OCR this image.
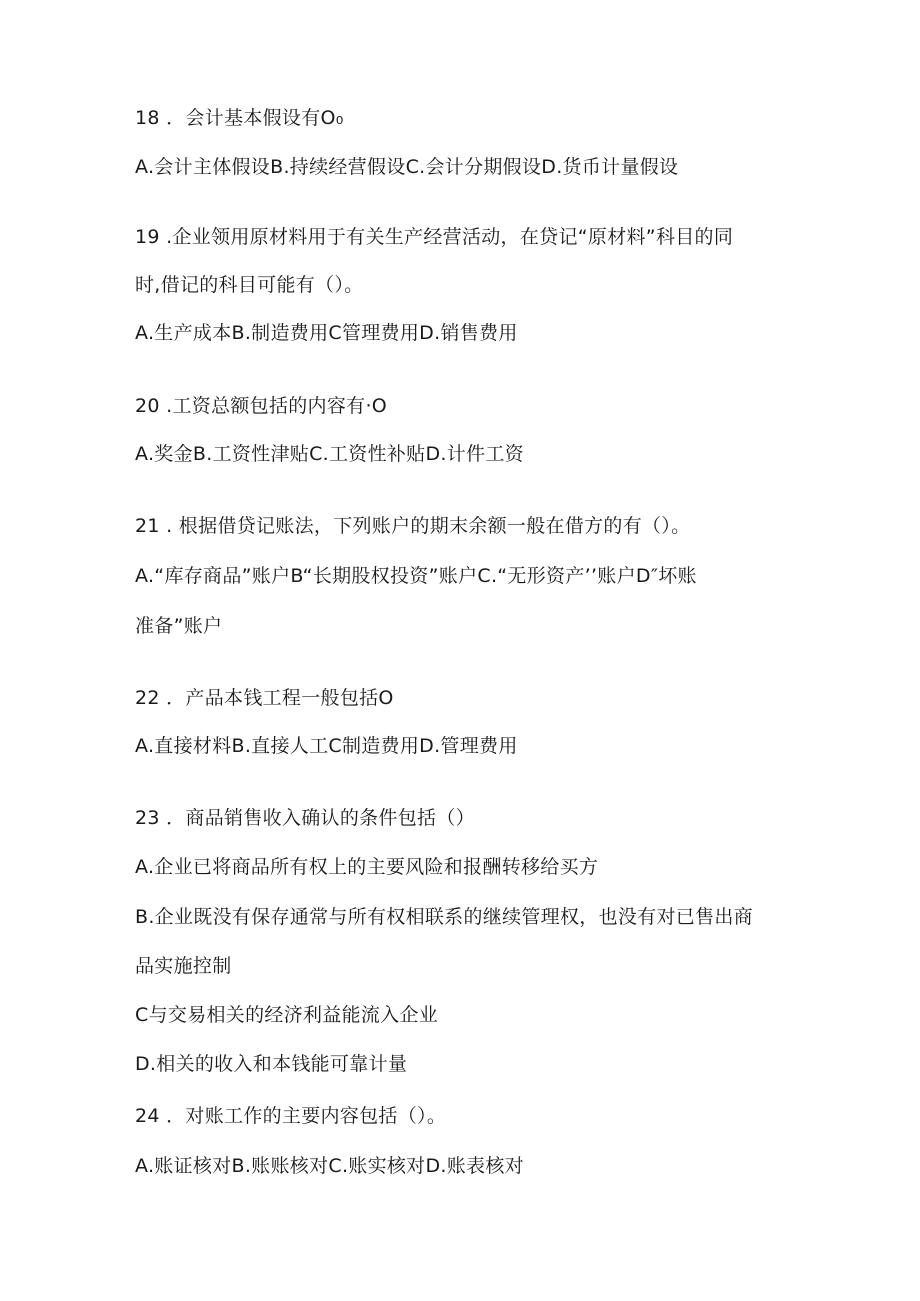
18 ．会计基本假设有O₀
A.会计主体假设B.持续经营假设C.会计分期假设D.货币计量假设
19 .企业领用原材料用于有关生产经营活动，在贷记“原材料”科目的同
时,借记的科目可能有（）。
A.生产成本B.制造费用C管理费用D.销售费用
20 .工资总额包括的内容有·O
A.奖金B.工资性津贴C.工资性补贴D.计件工资
21 . 根据借贷记账法，下列账户的期末余额一般在借方的有（）。
A.“库存商品”账户B“长期股权投资”账户C.“无形资产’’账户D″坏账
准备”账户
22 ．产品本钱工程一般包括O
A.直接材料B.直接人工C制造费用D.管理费用
23 ．商品销售收入确认的条件包括（）
A.企业已将商品所有权上的主要风险和报酬转移给买方
B.企业既没有保存通常与所有权相联系的继续管理权，也没有对已售出商
品实施控制
C与交易相关的经济利益能流入企业
D.相关的收入和本钱能可靠计量
24 ．对账工作的主要内容包括（）。
A.账证核对B.账账核对C.账实核对D.账表核对
